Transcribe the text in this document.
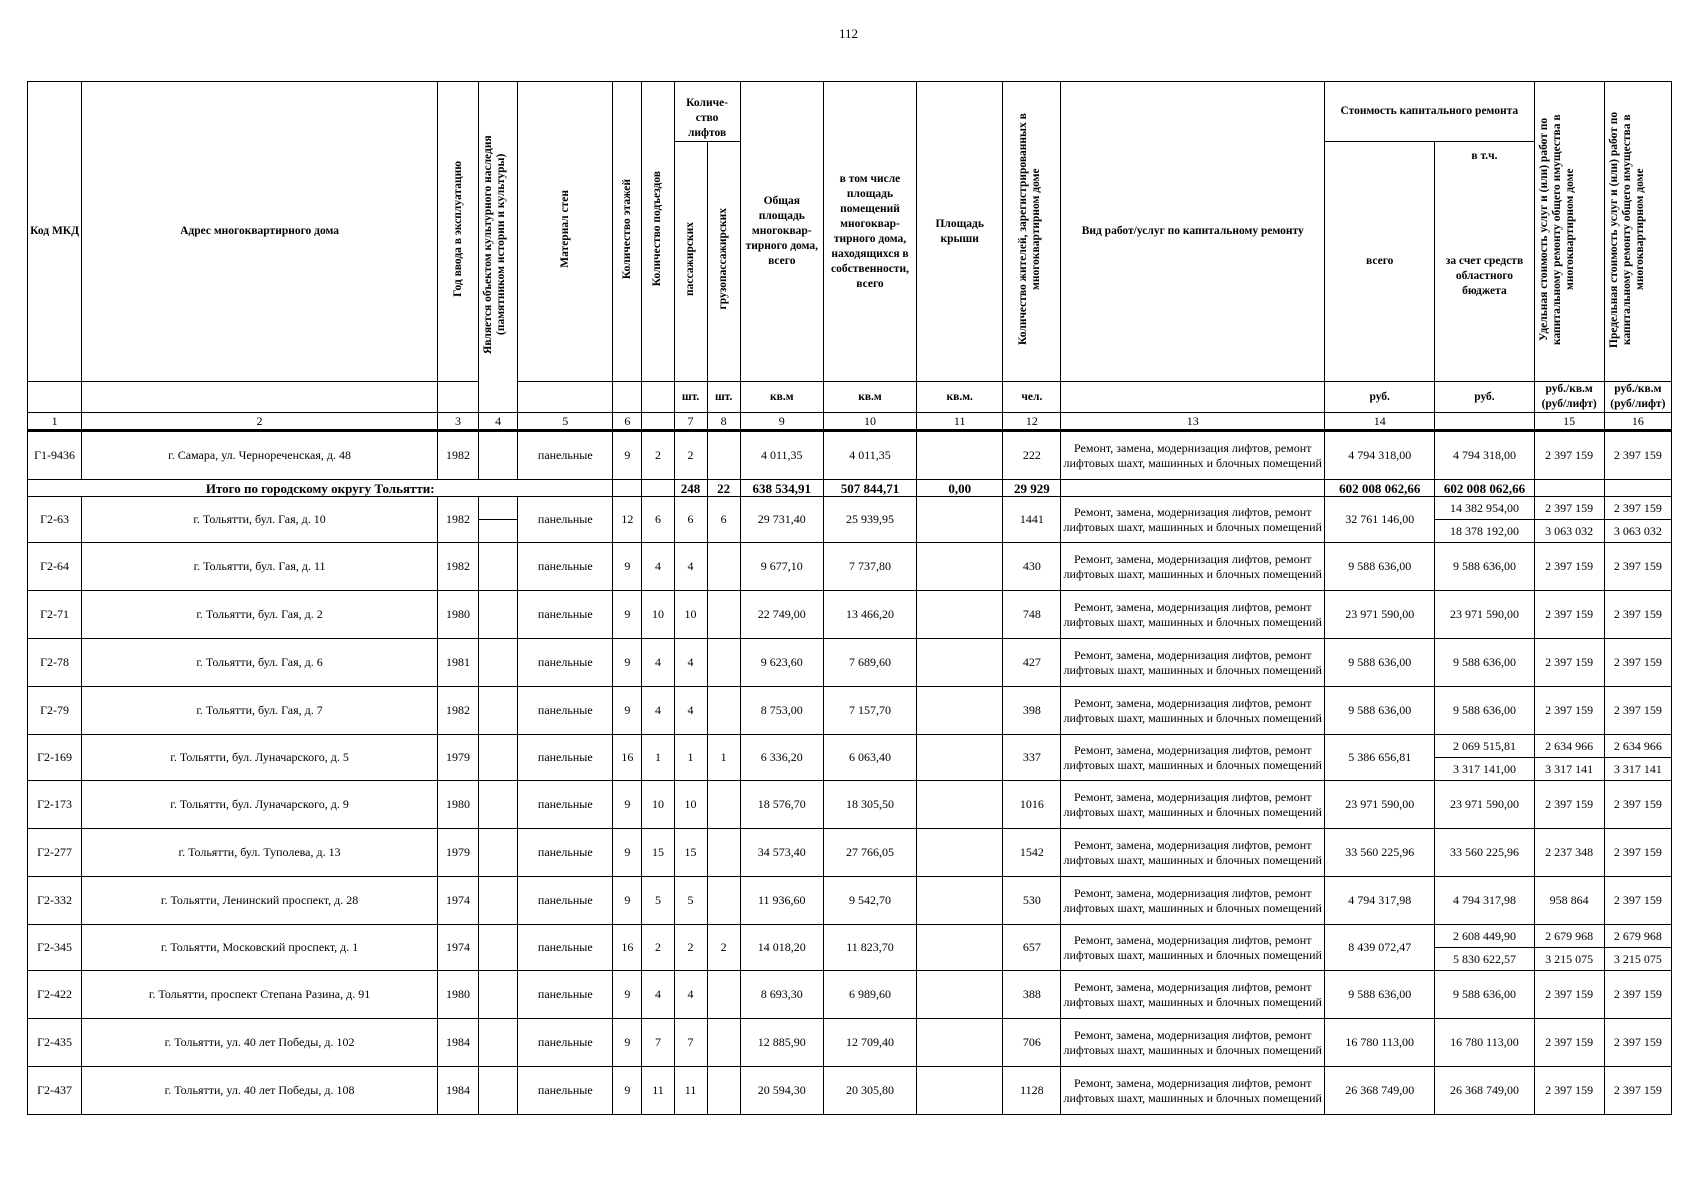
112
Код МКД	Адрес многоквартирного дома	Год ввода в эксплуатацию	Является объектом культурного наследия (памятником истории и культуры)	Материал стен	Количество этажей	Количество подъездов	Количе-ство лифтов		Общая площадь многоквар-тирного дома, всего	в том числе площадь помещений многоквар-тирного дома, находящихся в собственности, всего	Площадь крыши	Количество жителей, зарегистрированных в многоквартирном доме	Вид работ/услуг по капитальному ремонту	Стоимость капитального ремонта		Удельная стоимость услуг и (или) работ по капитальному ремонту общего имущества в многоквартирном доме	Предельная стоимость услуг и (или) работ по капитальному ремонту общего имущества в многоквартирном доме
							пассажирских	грузопассажирских						всего	в т.ч.		
															за счет средств областного бюджета		
							шт.	шт.	кв.м	кв.м	кв.м.	чел.		руб.	руб.	руб./кв.м (руб/лифт)	руб./кв.м (руб/лифт)
1	2	3	4	5	6		7	8	9	10	11	12	13	14		15	16
Г1-9436	г. Самара, ул. Чернореченская, д. 48	1982		панельные	9	2	2		4 011,35	4 011,35		222	Ремонт, замена, модернизация лифтов, ремонт лифтовых шахт, машинных и блочных помещений	4 794 318,00	4 794 318,00	2 397 159	2 397 159
Итого по городскому округу Тольятти:							248	22	638 534,91	507 844,71	0,00	29 929		602 008 062,66	602 008 062,66		
Г2-63	г. Тольятти, бул. Гая, д. 10	1982		панельные	12	6	6	6	29 731,40	25 939,95		1441	Ремонт, замена, модернизация лифтов, ремонт лифтовых шахт, машинных и блочных помещений	32 761 146,00	14 382 954,00	2 397 159	2 397 159
															18 378 192,00	3 063 032	3 063 032
Г2-64	г. Тольятти, бул. Гая, д. 11	1982		панельные	9	4	4		9 677,10	7 737,80		430	Ремонт, замена, модернизация лифтов, ремонт лифтовых шахт, машинных и блочных помещений	9 588 636,00	9 588 636,00	2 397 159	2 397 159
Г2-71	г. Тольятти, бул. Гая, д. 2	1980		панельные	9	10	10		22 749,00	13 466,20		748	Ремонт, замена, модернизация лифтов, ремонт лифтовых шахт, машинных и блочных помещений	23 971 590,00	23 971 590,00	2 397 159	2 397 159
Г2-78	г. Тольятти, бул. Гая, д. 6	1981		панельные	9	4	4		9 623,60	7 689,60		427	Ремонт, замена, модернизация лифтов, ремонт лифтовых шахт, машинных и блочных помещений	9 588 636,00	9 588 636,00	2 397 159	2 397 159
Г2-79	г. Тольятти, бул. Гая, д. 7	1982		панельные	9	4	4		8 753,00	7 157,70		398	Ремонт, замена, модернизация лифтов, ремонт лифтовых шахт, машинных и блочных помещений	9 588 636,00	9 588 636,00	2 397 159	2 397 159
Г2-169	г. Тольятти, бул. Луначарского, д. 5	1979		панельные	16	1	1	1	6 336,20	6 063,40		337	Ремонт, замена, модернизация лифтов, ремонт лифтовых шахт, машинных и блочных помещений	5 386 656,81	2 069 515,81	2 634 966	2 634 966
															3 317 141,00	3 317 141	3 317 141
Г2-173	г. Тольятти, бул. Луначарского, д. 9	1980		панельные	9	10	10		18 576,70	18 305,50		1016	Ремонт, замена, модернизация лифтов, ремонт лифтовых шахт, машинных и блочных помещений	23 971 590,00	23 971 590,00	2 397 159	2 397 159
Г2-277	г. Тольятти, бул. Туполева, д. 13	1979		панельные	9	15	15		34 573,40	27 766,05		1542	Ремонт, замена, модернизация лифтов, ремонт лифтовых шахт, машинных и блочных помещений	33 560 225,96	33 560 225,96	2 237 348	2 397 159
Г2-332	г. Тольятти, Ленинский проспект, д. 28	1974		панельные	9	5	5		11 936,60	9 542,70		530	Ремонт, замена, модернизация лифтов, ремонт лифтовых шахт, машинных и блочных помещений	4 794 317,98	4 794 317,98	958 864	2 397 159
Г2-345	г. Тольятти, Московский проспект, д. 1	1974		панельные	16	2	2	2	14 018,20	11 823,70		657	Ремонт, замена, модернизация лифтов, ремонт лифтовых шахт, машинных и блочных помещений	8 439 072,47	2 608 449,90	2 679 968	2 679 968
															5 830 622,57	3 215 075	3 215 075
Г2-422	г. Тольятти, проспект Степана Разина, д. 91	1980		панельные	9	4	4		8 693,30	6 989,60		388	Ремонт, замена, модернизация лифтов, ремонт лифтовых шахт, машинных и блочных помещений	9 588 636,00	9 588 636,00	2 397 159	2 397 159
Г2-435	г. Тольятти, ул. 40 лет Победы, д. 102	1984		панельные	9	7	7		12 885,90	12 709,40		706	Ремонт, замена, модернизация лифтов, ремонт лифтовых шахт, машинных и блочных помещений	16 780 113,00	16 780 113,00	2 397 159	2 397 159
Г2-437	г. Тольятти, ул. 40 лет Победы, д. 108	1984		панельные	9	11	11		20 594,30	20 305,80		1128	Ремонт, замена, модернизация лифтов, ремонт лифтовых шахт, машинных и блочных помещений	26 368 749,00	26 368 749,00	2 397 159	2 397 159
